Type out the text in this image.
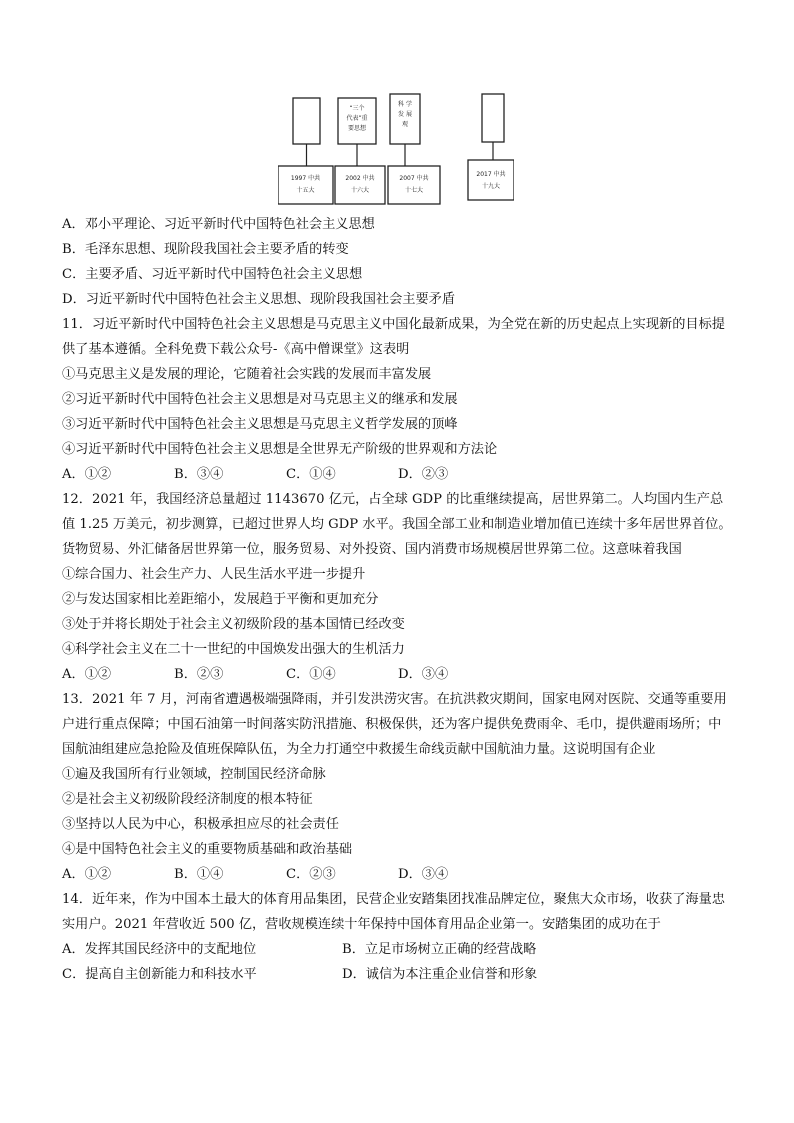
1997 中共
十五大
“三个
代表”重
要思想
2002 中共
十六大
科 学
发 展
观
2007 中共
十七大
2017 中共
十九大
A．邓小平理论、习近平新时代中国特色社会主义思想
B．毛泽东思想、现阶段我国社会主要矛盾的转变
C．主要矛盾、习近平新时代中国特色社会主义思想
D．习近平新时代中国特色社会主义思想、现阶段我国社会主要矛盾
11．习近平新时代中国特色社会主义思想是马克思主义中国化最新成果，为全党在新的历史起点上实现新的目标提供了基本遵循。全科免费下载公众号-《高中僧课堂》这表明
①马克思主义是发展的理论，它随着社会实践的发展而丰富发展
②习近平新时代中国特色社会主义思想是对马克思主义的继承和发展
③习近平新时代中国特色社会主义思想是马克思主义哲学发展的顶峰
④习近平新时代中国特色社会主义思想是全世界无产阶级的世界观和方法论
A．①②	B．③④	C．①④	D．②③
12．2021 年，我国经济总量超过 1143670 亿元，占全球 GDP 的比重继续提高，居世界第二。人均国内生产总值 1.25 万美元，初步测算，已超过世界人均 GDP 水平。我国全部工业和制造业增加值已连续十多年居世界首位。货物贸易、外汇储备居世界第一位，服务贸易、对外投资、国内消费市场规模居世界第二位。这意味着我国
①综合国力、社会生产力、人民生活水平进一步提升
②与发达国家相比差距缩小，发展趋于平衡和更加充分
③处于并将长期处于社会主义初级阶段的基本国情已经改变
④科学社会主义在二十一世纪的中国焕发出强大的生机活力
A．①②	B．②③	C．①④	D．③④
13．2021 年 7 月，河南省遭遇极端强降雨，并引发洪涝灾害。在抗洪救灾期间，国家电网对医院、交通等重要用户进行重点保障；中国石油第一时间落实防汛措施、积极保供，还为客户提供免费雨伞、毛巾，提供避雨场所；中国航油组建应急抢险及值班保障队伍，为全力打通空中救援生命线贡献中国航油力量。这说明国有企业
①遍及我国所有行业领域，控制国民经济命脉
②是社会主义初级阶段经济制度的根本特征
③坚持以人民为中心，积极承担应尽的社会责任
④是中国特色社会主义的重要物质基础和政治基础
A．①②	B．①④	C．②③	D．③④
14．近年来，作为中国本土最大的体育用品集团，民营企业安踏集团找准品牌定位，聚焦大众市场，收获了海量忠实用户。2021 年营收近 500 亿，营收规模连续十年保持中国体育用品企业第一。安踏集团的成功在于
A．发挥其国民经济中的支配地位	B．立足市场树立正确的经营战略
C．提高自主创新能力和科技水平	D．诚信为本注重企业信誉和形象
